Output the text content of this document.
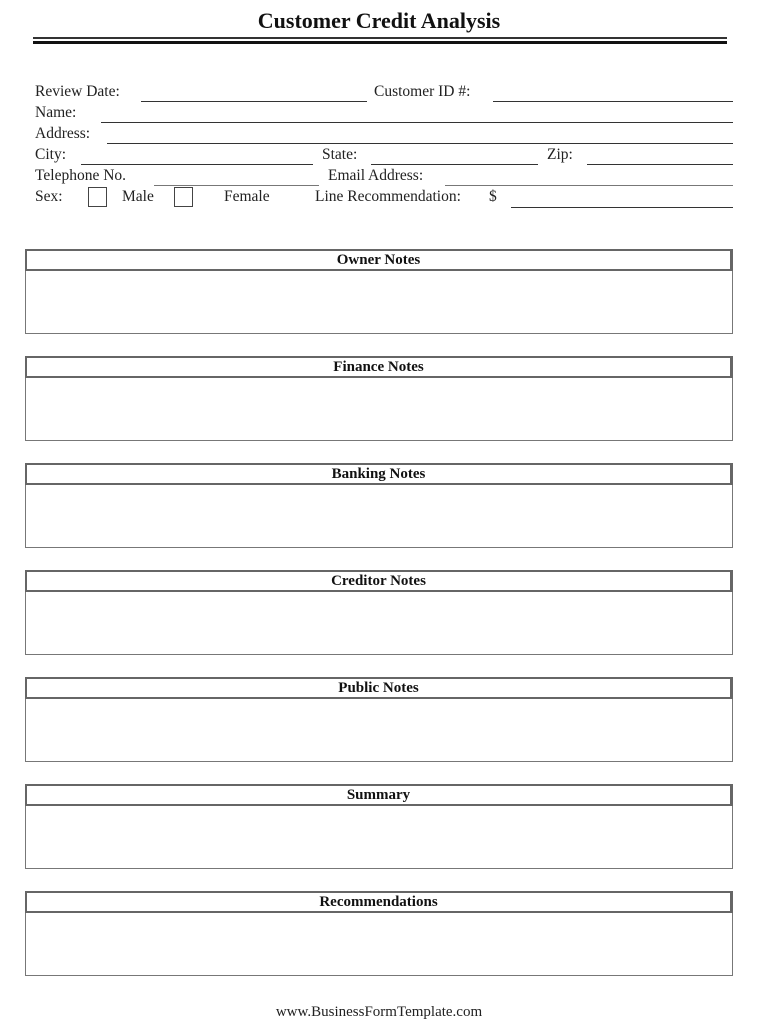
Customer Credit Analysis
Review Date:	Customer ID #:
Name:
Address:
City:	State:	Zip:
Telephone No.	Email Address:
Sex:	Male	Female	Line Recommendation: $
Owner Notes
Finance Notes
Banking Notes
Creditor Notes
Public Notes
Summary
Recommendations
www.BusinessFormTemplate.com
